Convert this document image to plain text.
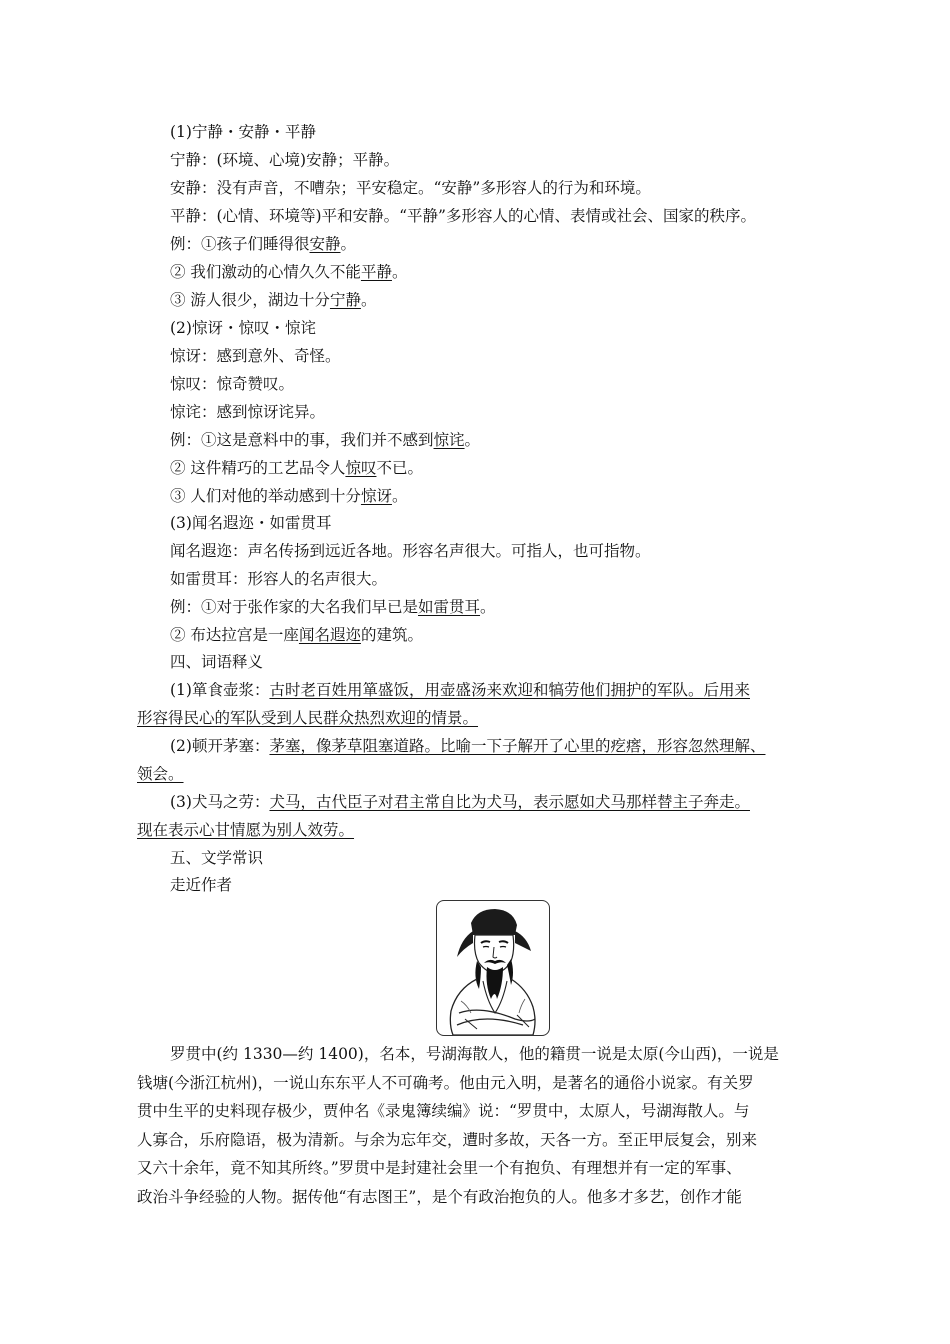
(1)宁静・安静・平静
宁静：(环境、心境)安静；平静。
安静：没有声音，不嘈杂；平安稳定。“安静”多形容人的行为和环境。
平静：(心情、环境等)平和安静。“平静”多形容人的心情、表情或社会、国家的秩序。
例：①孩子们睡得很安静。
② 我们激动的心情久久不能平静。
③ 游人很少，湖边十分宁静。
(2)惊讶・惊叹・惊诧
惊讶：感到意外、奇怪。
惊叹：惊奇赞叹。
惊诧：感到惊讶诧异。
例：①这是意料中的事，我们并不感到惊诧。
② 这件精巧的工艺品令人惊叹不已。
③ 人们对他的举动感到十分惊讶。
(3)闻名遐迩・如雷贯耳
闻名遐迩：声名传扬到远近各地。形容名声很大。可指人，也可指物。
如雷贯耳：形容人的名声很大。
例：①对于张作家的大名我们早已是如雷贯耳。
② 布达拉宫是一座闻名遐迩的建筑。
四、词语释义
(1)箪食壶浆：古时老百姓用箪盛饭，用壶盛汤来欢迎和犒劳他们拥护的军队。后用来
形容得民心的军队受到人民群众热烈欢迎的情景。
(2)顿开茅塞：茅塞，像茅草阻塞道路。比喻一下子解开了心里的疙瘩，形容忽然理解、
领会。
(3)犬马之劳：犬马，古代臣子对君主常自比为犬马，表示愿如犬马那样替主子奔走。
现在表示心甘情愿为别人效劳。
五、文学常识
走近作者
罗贯中(约 1330—约 1400)，名本，号湖海散人，他的籍贯一说是太原(今山西)，一说是
钱塘(今浙江杭州)，一说山东东平人不可确考。他由元入明，是著名的通俗小说家。有关罗
贯中生平的史料现存极少，贾仲名《录鬼簿续编》说：“罗贯中，太原人，号湖海散人。与
人寡合，乐府隐语，极为清新。与余为忘年交，遭时多故，天各一方。至正甲辰复会，别来
又六十余年，竟不知其所终。”罗贯中是封建社会里一个有抱负、有理想并有一定的军事、
政治斗争经验的人物。据传他“有志图王”，是个有政治抱负的人。他多才多艺，创作才能
